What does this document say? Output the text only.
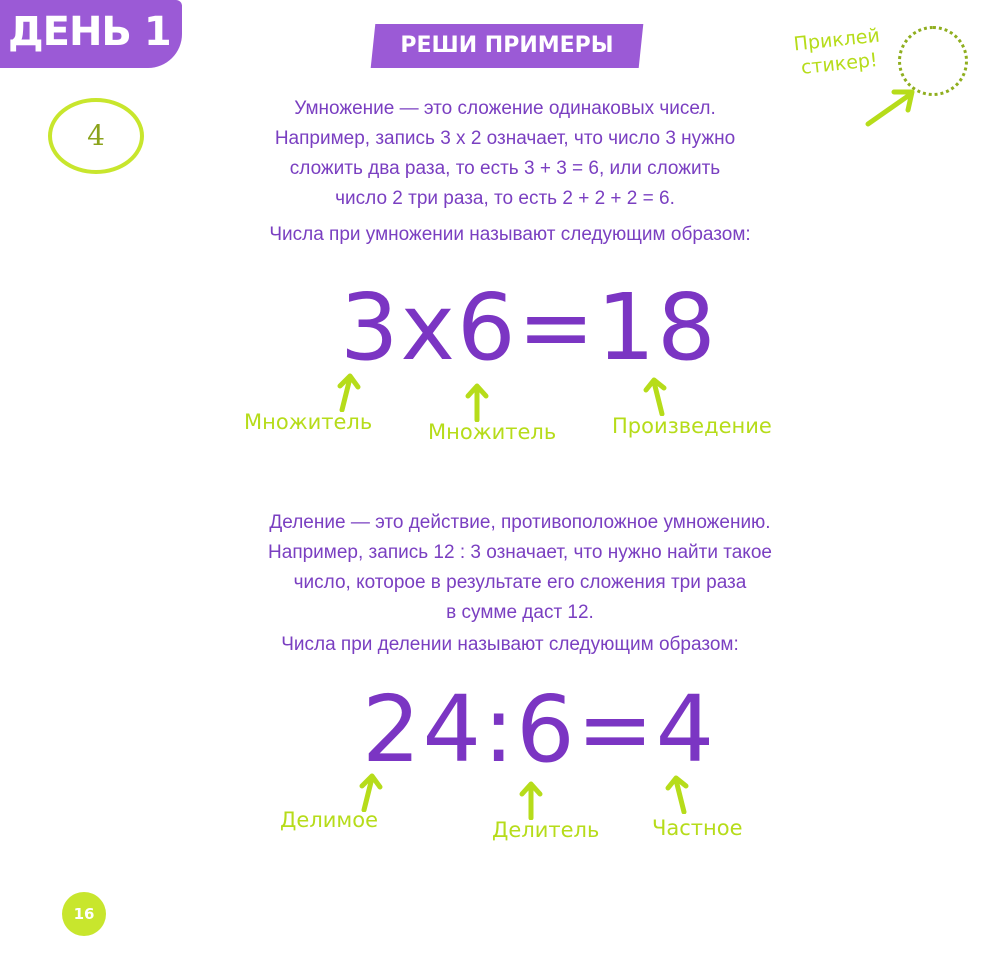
ДЕНЬ 1	РЕШИ ПРИМЕРЫ
4
Приклей
стикер!
Умножение — это сложение одинаковых чисел.
Например, запись 3 х 2 означает, что число 3 нужно
сложить два раза, то есть 3 + 3 = 6, или сложить
число 2 три раза, то есть 2 + 2 + 2 = 6.
Числа при умножении называют следующим образом:
3x6=18
Множитель	Множитель	Произведение
Деление — это действие, противоположное умножению.
Например, запись 12 : 3 означает, что нужно найти такое
число, которое в результате его сложения три раза
в сумме даст 12.
Числа при делении называют следующим образом:
24:6=4
Делимое	Делитель	Частное
16
